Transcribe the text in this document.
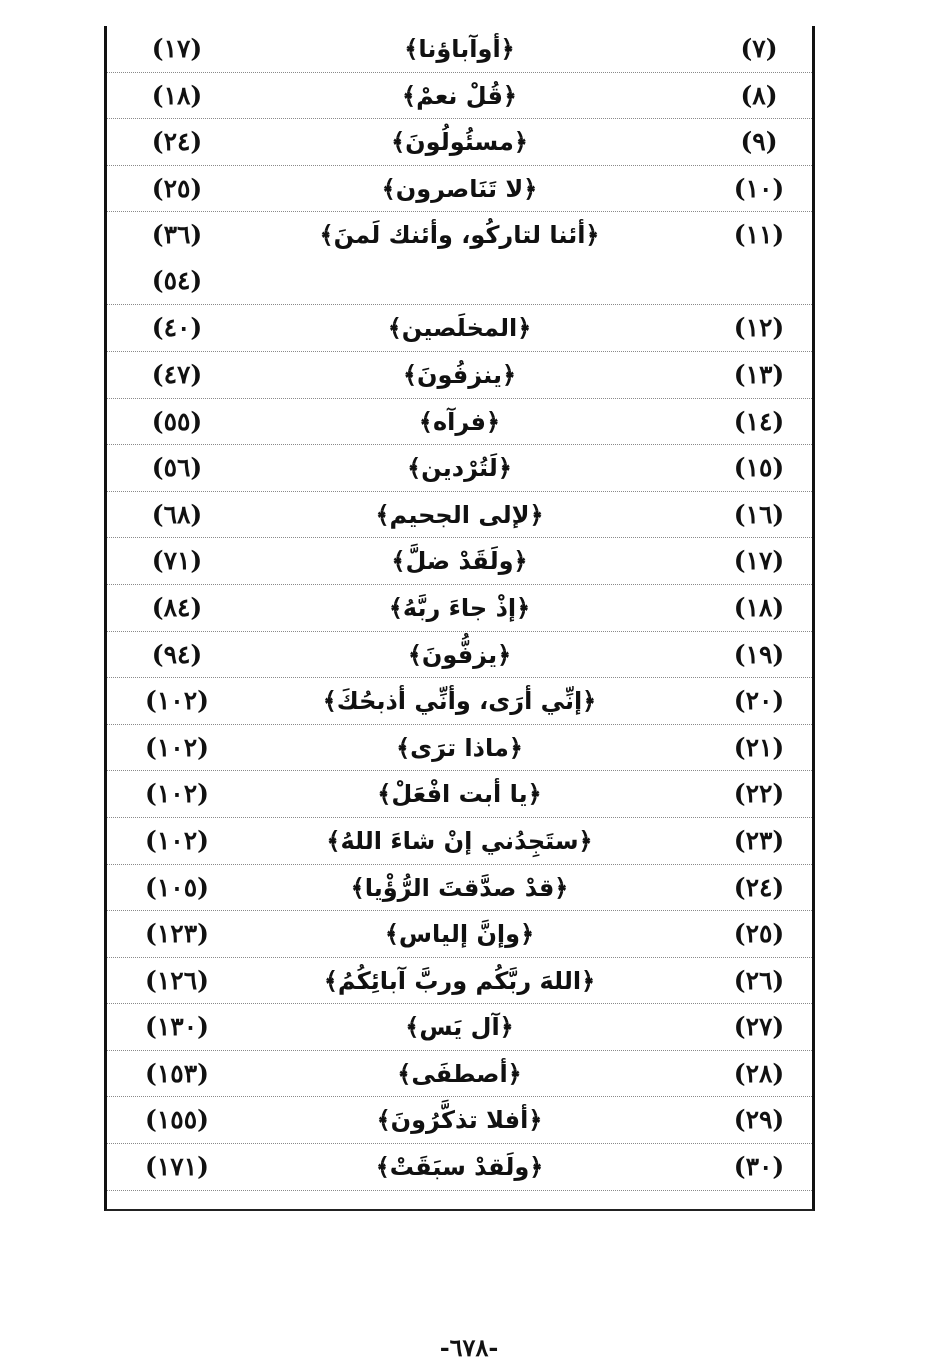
(٧)
﴿أوآباؤنا﴾
(١٧)
(٨)
﴿قُلْ نعمْ﴾
(١٨)
(٩)
﴿مسئُولُونَ﴾
(٢٤)
(١٠)
﴿لا تَنَاصرون﴾
(٢٥)
(١١)
﴿أئنا لتاركُو، وأئنك لَمنَ﴾
(٣٦)
(٥٤)
(١٢)
﴿المخلَصين﴾
(٤٠)
(١٣)
﴿ينزفُونَ﴾
(٤٧)
(١٤)
﴿فرآه﴾
(٥٥)
(١٥)
﴿لَتُرْدين﴾
(٥٦)
(١٦)
﴿لإلى الجحيم﴾
(٦٨)
(١٧)
﴿ولَقَدْ ضلَّ﴾
(٧١)
(١٨)
﴿إذْ جاءَ ربَّهُ﴾
(٨٤)
(١٩)
﴿يزفُّونَ﴾
(٩٤)
(٢٠)
﴿إنِّي أرَى، وأنِّي أذبحُكَ﴾
(١٠٢)
(٢١)
﴿ماذا ترَى﴾
(١٠٢)
(٢٢)
﴿يا أبت افْعَلْ﴾
(١٠٢)
(٢٣)
﴿ستَجِدُني إنْ شاءَ اللهُ﴾
(١٠٢)
(٢٤)
﴿قدْ صدَّقتَ الرُّؤْيا﴾
(١٠٥)
(٢٥)
﴿وإنَّ إلياس﴾
(١٢٣)
(٢٦)
﴿اللهَ ربَّكُم وربَّ آبائِكُمُ﴾
(١٢٦)
(٢٧)
﴿آل يَس﴾
(١٣٠)
(٢٨)
﴿أصطفَى﴾
(١٥٣)
(٢٩)
﴿أفلا تذكَّرُونَ﴾
(١٥٥)
(٣٠)
﴿ولَقدْ سبَقَتْ﴾
(١٧١)
-٦٧٨-
